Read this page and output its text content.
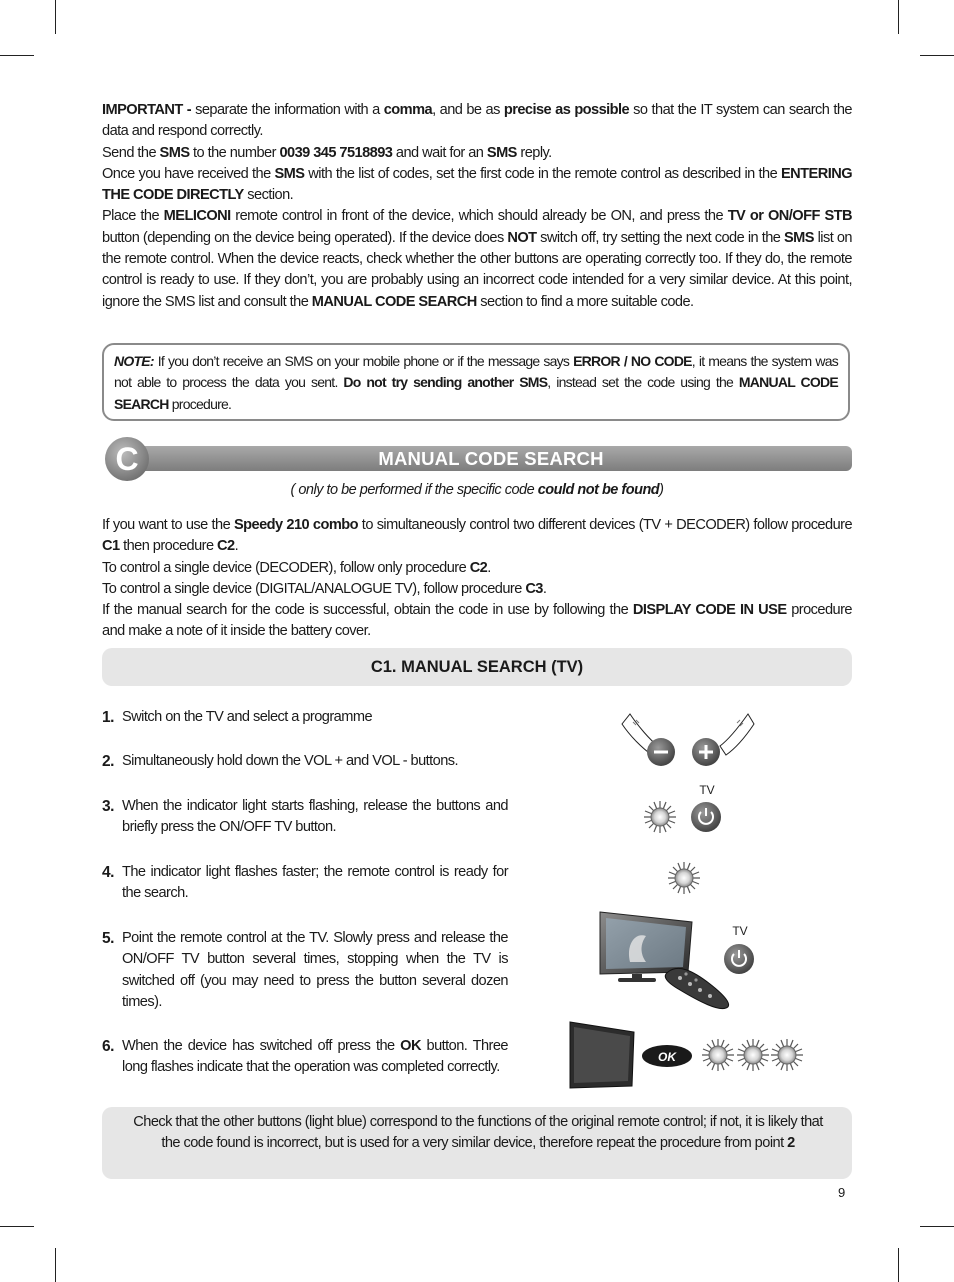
IMPORTANT - separate the information with a comma, and be as precise as possible so that the IT system can search the data and respond correctly.

Send the SMS to the number 0039 345 7518893 and wait for an SMS reply.

Once you have received the SMS with the list of codes, set the first code in the remote control as described in the ENTERING THE CODE DIRECTLY section.

Place the MELICONI remote control in front of the device, which should already be ON, and press the TV or ON/OFF STB button (depending on the device being operated). If the device does NOT switch off, try setting the next code in the SMS list on the remote control. When the device reacts, check whether the other buttons are operating correctly too. If they do, the remote control is ready to use. If they don’t, you are probably using an incorrect code intended for a very similar device. At this point, ignore the SMS list and consult the MANUAL CODE SEARCH section to find a more suitable code.

NOTE: If you don’t receive an SMS on your mobile phone or if the message says ERROR / NO CODE, it means the system was not able to process the data you sent. Do not try sending another SMS, instead set the code using the MANUAL CODE SEARCH procedure.
MANUAL CODE SEARCH
C
( only to be performed if the specific code could not be found)

If you want to use the Speedy 210 combo to simultaneously control two different devices (TV + DECODER) follow procedure C1 then procedure C2.

To control a single device (DECODER), follow only procedure C2.

To control a single device (DIGITAL/ANALOGUE TV), follow procedure C3.

If the manual search for the code is successful, obtain the code in use by following the DISPLAY CODE IN USE procedure and make a note of it inside the battery cover.

C1. MANUAL SEARCH (TV)
1. Switch on the TV and select a programme
2. Simultaneously hold down the VOL + and VOL - buttons.
3. When the indicator light starts flashing, release the buttons and briefly press the ON/OFF TV button.
4. The indicator light flashes faster; the remote control is ready for the search.
5. Point the remote control at the TV. Slowly press and release the ON/OFF TV button several times, stopping when the TV is switched off (you may need to press the button several dozen times).
6. When the device has switched off press the OK button. Three long flashes indicate that the operation was completed correctly.
TV
TV
OK

Check that the other buttons (light blue) correspond to the functions of the original remote control; if not, it is likely that the code found is incorrect, but is used for a very similar device, therefore repeat the procedure from point 2

9
